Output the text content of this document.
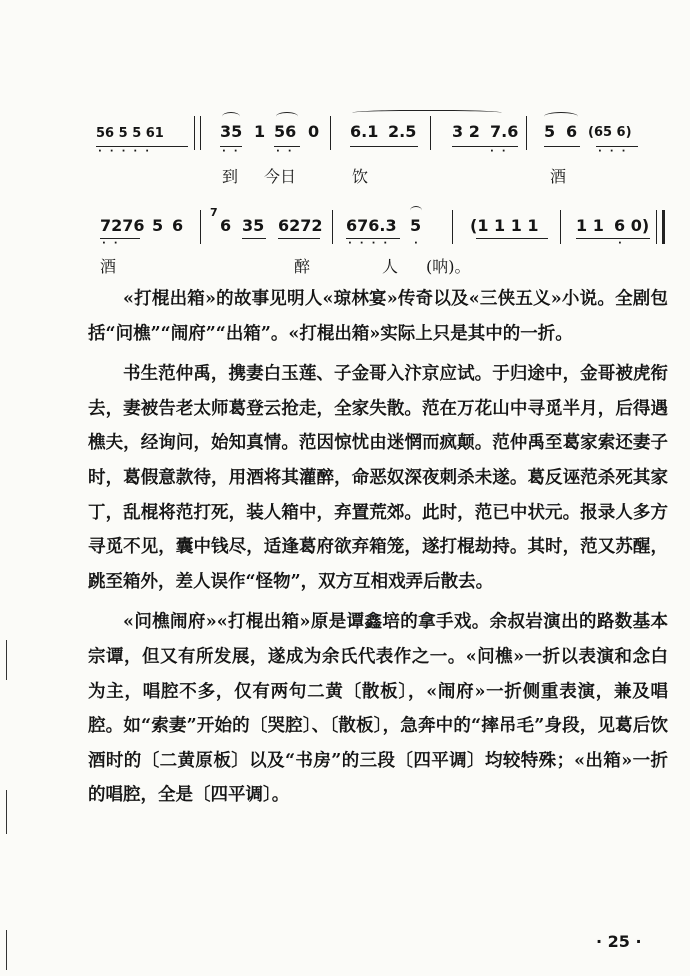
56 5 5 61	35 1 56 0 6.1 2.5 3 2 7.6 5 6 (65 6)
·····	··	··	··	···
到 今日	饮	酒
7276 5 6
7
6 35 6272 676.3 5	(1 1 1 1 1 1 6 0)
··	···· ·	·
酒	醉	人 (呐)。

«打棍出箱»的故事见明人«琼林宴»传奇以及«三侠五义»小说。全剧包括“问樵”“闹府”“出箱”。«打棍出箱»实际上只是其中的一折。

书生范仲禹，携妻白玉莲、子金哥入汴京应试。于归途中，金哥被虎衔去，妻被告老太师葛登云抢走，全家失散。范在万花山中寻觅半月，后得遇樵夫，经询问，始知真情。范因惊忧由迷惘而疯颠。范仲禹至葛家索还妻子时，葛假意款待，用酒将其灌醉，命恶奴深夜刺杀未遂。葛反诬范杀死其家丁，乱棍将范打死，装人箱中，弃置荒郊。此时，范已中状元。报录人多方寻觅不见，囊中钱尽，适逢葛府欲弃箱笼，遂打棍劫持。其时，范又苏醒，跳至箱外，差人误作“怪物”，双方互相戏弄后散去。

«问樵闹府»«打棍出箱»原是谭鑫培的拿手戏。余叔岩演出的路数基本宗谭，但又有所发展，遂成为余氏代表作之一。«问樵»一折以表演和念白为主，唱腔不多，仅有两句二黄〔散板〕，«闹府»一折侧重表演，兼及唱腔。如“索妻”开始的〔哭腔〕、〔散板〕，急奔中的“摔吊毛”身段，见葛后饮酒时的〔二黄原板〕以及“书房”的三段〔四平调〕均较特殊；«出箱»一折的唱腔，全是〔四平调〕。

· 25 ·
